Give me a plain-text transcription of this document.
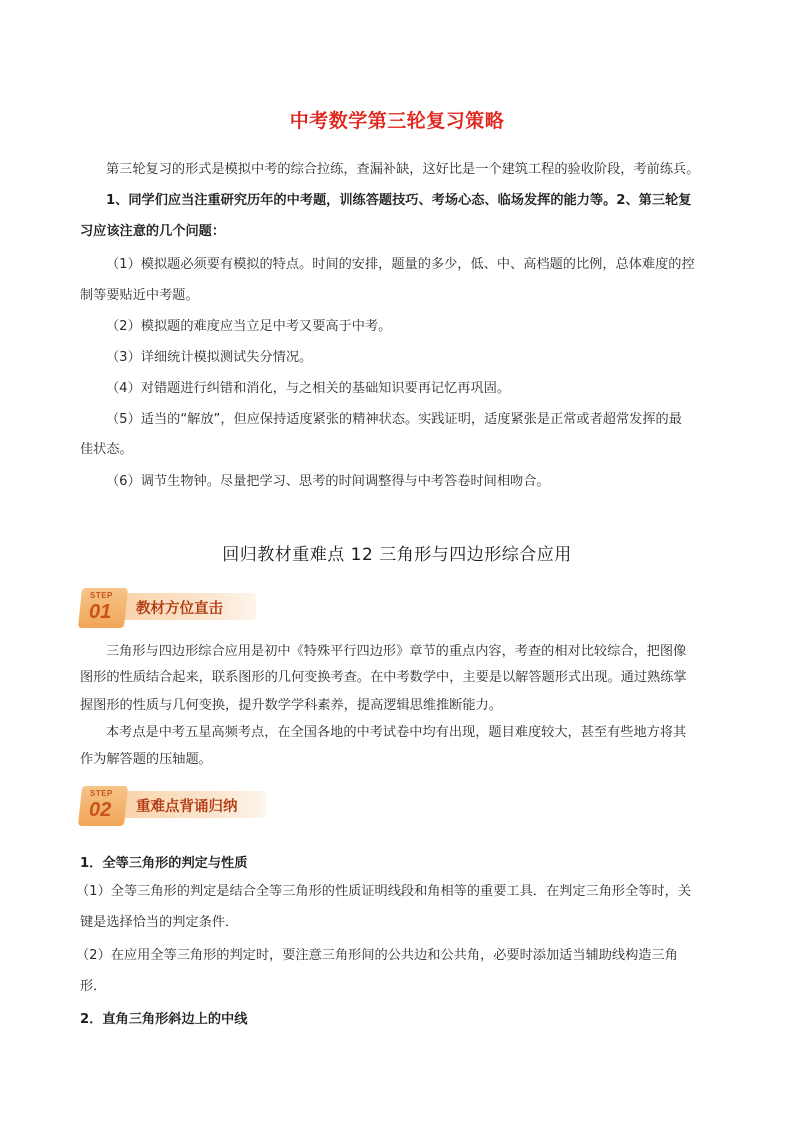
中考数学第三轮复习策略
第三轮复习的形式是模拟中考的综合拉练，查漏补缺，这好比是一个建筑工程的验收阶段，考前练兵。
1、同学们应当注重研究历年的中考题，训练答题技巧、考场心态、临场发挥的能力等。2、第三轮复
习应该注意的几个问题：
（1）模拟题必须要有模拟的特点。时间的安排，题量的多少，低、中、高档题的比例，总体难度的控
制等要贴近中考题。
（2）模拟题的难度应当立足中考又要高于中考。
（3）详细统计模拟测试失分情况。
（4）对错题进行纠错和消化，与之相关的基础知识要再记忆再巩固。
（5）适当的“解放”，但应保持适度紧张的精神状态。实践证明，适度紧张是正常或者超常发挥的最
佳状态。
（6）调节生物钟。尽量把学习、思考的时间调整得与中考答卷时间相吻合。
回归教材重难点 12 三角形与四边形综合应用
STEP
01 教材方位直击
三角形与四边形综合应用是初中《特殊平行四边形》章节的重点内容，考查的相对比较综合，把图像
图形的性质结合起来，联系图形的几何变换考查。在中考数学中，主要是以解答题形式出现。通过熟练掌
握图形的性质与几何变换，提升数学学科素养，提高逻辑思维推断能力。
本考点是中考五星高频考点，在全国各地的中考试卷中均有出现，题目难度较大，甚至有些地方将其
作为解答题的压轴题。
STEP
02 重难点背诵归纳
1．全等三角形的判定与性质
（1）全等三角形的判定是结合全等三角形的性质证明线段和角相等的重要工具．在判定三角形全等时，关
键是选择恰当的判定条件．
（2）在应用全等三角形的判定时，要注意三角形间的公共边和公共角，必要时添加适当辅助线构造三角
形．
2．直角三角形斜边上的中线
